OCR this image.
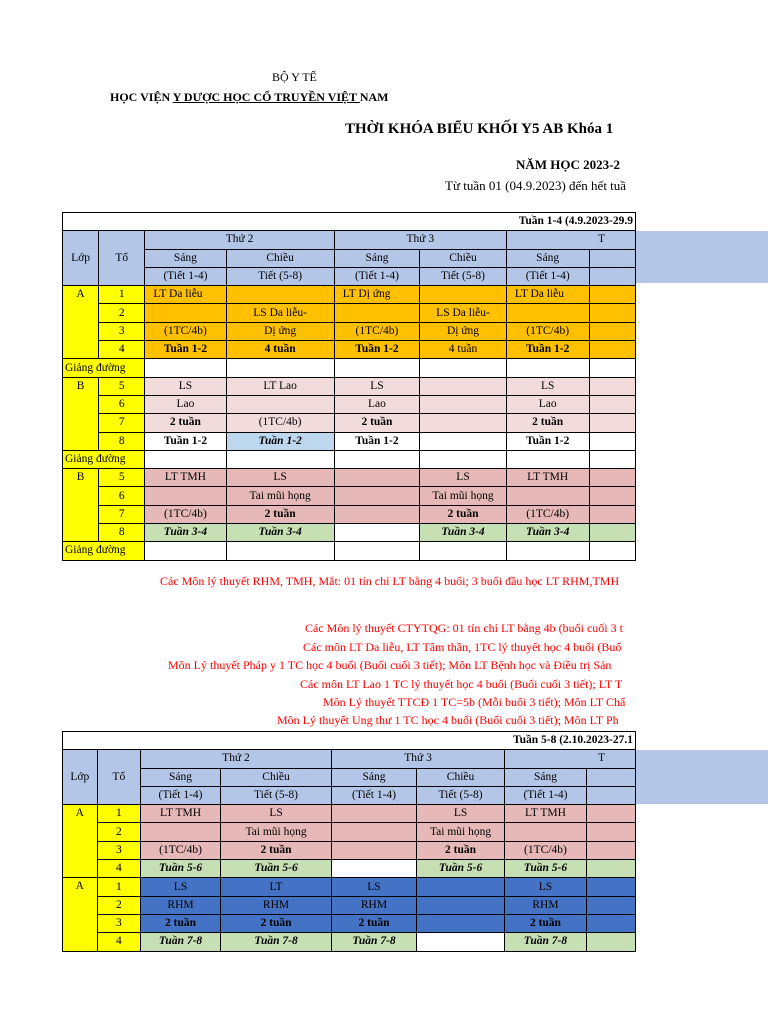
BỘ Y TẾ
HỌC VIỆN Y DƯỢC HỌC CỔ TRUYỀN VIỆT NAM
THỜI KHÓA BIỂU KHỐI Y5 AB Khóa 1
NĂM HỌC 2023-2
Từ tuần 01 (04.9.2023) đến hết tuầ
Tuần 1-4 (4.9.2023-29.9							
Lớp	Tổ	Thứ 2		Thứ 3		T	
		Sáng	Chiều	Sáng	Chiều	Sáng	
		(Tiết 1-4)	Tiết (5-8)	(Tiết 1-4)	Tiết (5-8)	(Tiết 1-4)	
A	1	LT Da liễu		LT Dị ứng		LT Da liễu	
	2		LS Da liễu-		LS Da liễu-		
	3	(1TC/4b)	Dị ứng	(1TC/4b)	Dị ứng	(1TC/4b)	
	4	Tuần 1-2	4 tuần	Tuần 1-2	4 tuần	Tuần 1-2	
Giảng đường							
B	5	LS	LT Lao	LS		LS	
	6	Lao		Lao		Lao	
	7	2 tuần	(1TC/4b)	2 tuần		2 tuần	
	8	Tuần 1-2	Tuần 1-2	Tuần 1-2		Tuần 1-2	
Giảng đường							
B	5	LT TMH	LS		LS	LT TMH	
	6		Tai mũi họng		Tai mũi họng		
	7	(1TC/4b)	2 tuần		2 tuần	(1TC/4b)	
	8	Tuần 3-4	Tuần 3-4		Tuần 3-4	Tuần 3-4	
Giảng đường							
Các Môn lý thuyết RHM, TMH, Mắt: 01 tín chỉ LT bằng 4 buổi; 3 buổi đầu học LT RHM,TMH
Các Môn lý thuyết CTYTQG: 01 tín chỉ LT bằng 4b (buổi cuối 3 t
Các môn LT Da liễu, LT Tâm thần, 1TC lý thuyết học 4 buổi (Buổ
Môn Lý thuyết Pháp y 1 TC học 4 buổi (Buổi cuối 3 tiết); Môn LT Bệnh học và Điều trị Sản
Các môn LT Lao 1 TC lý thuyết học 4 buổi (Buổi cuối 3 tiết); LT T
Môn Lý thuyết TTCĐ 1 TC=5b (Mỗi buổi 3 tiết); Môn LT Chẩ
Môn Lý thuyết Ung thư 1 TC học 4 buổi (Buổi cuối 3 tiết); Môn LT Ph
Tuần 5-8 (2.10.2023-27.1							
Lớp	Tổ	Thứ 2		Thứ 3		T	
		Sáng	Chiều	Sáng	Chiều	Sáng	
		(Tiết 1-4)	Tiết (5-8)	(Tiết 1-4)	Tiết (5-8)	(Tiết 1-4)	
A	1	LT TMH	LS		LS	LT TMH	
	2		Tai mũi họng		Tai mũi họng		
	3	(1TC/4b)	2 tuần		2 tuần	(1TC/4b)	
	4	Tuần 5-6	Tuần 5-6		Tuần 5-6	Tuần 5-6	
A	1	LS	LT	LS		LS	
	2	RHM	RHM	RHM		RHM	
	3	2 tuần	2 tuần	2 tuần		2 tuần	
	4	Tuần 7-8	Tuần 7-8	Tuần 7-8		Tuần 7-8	
